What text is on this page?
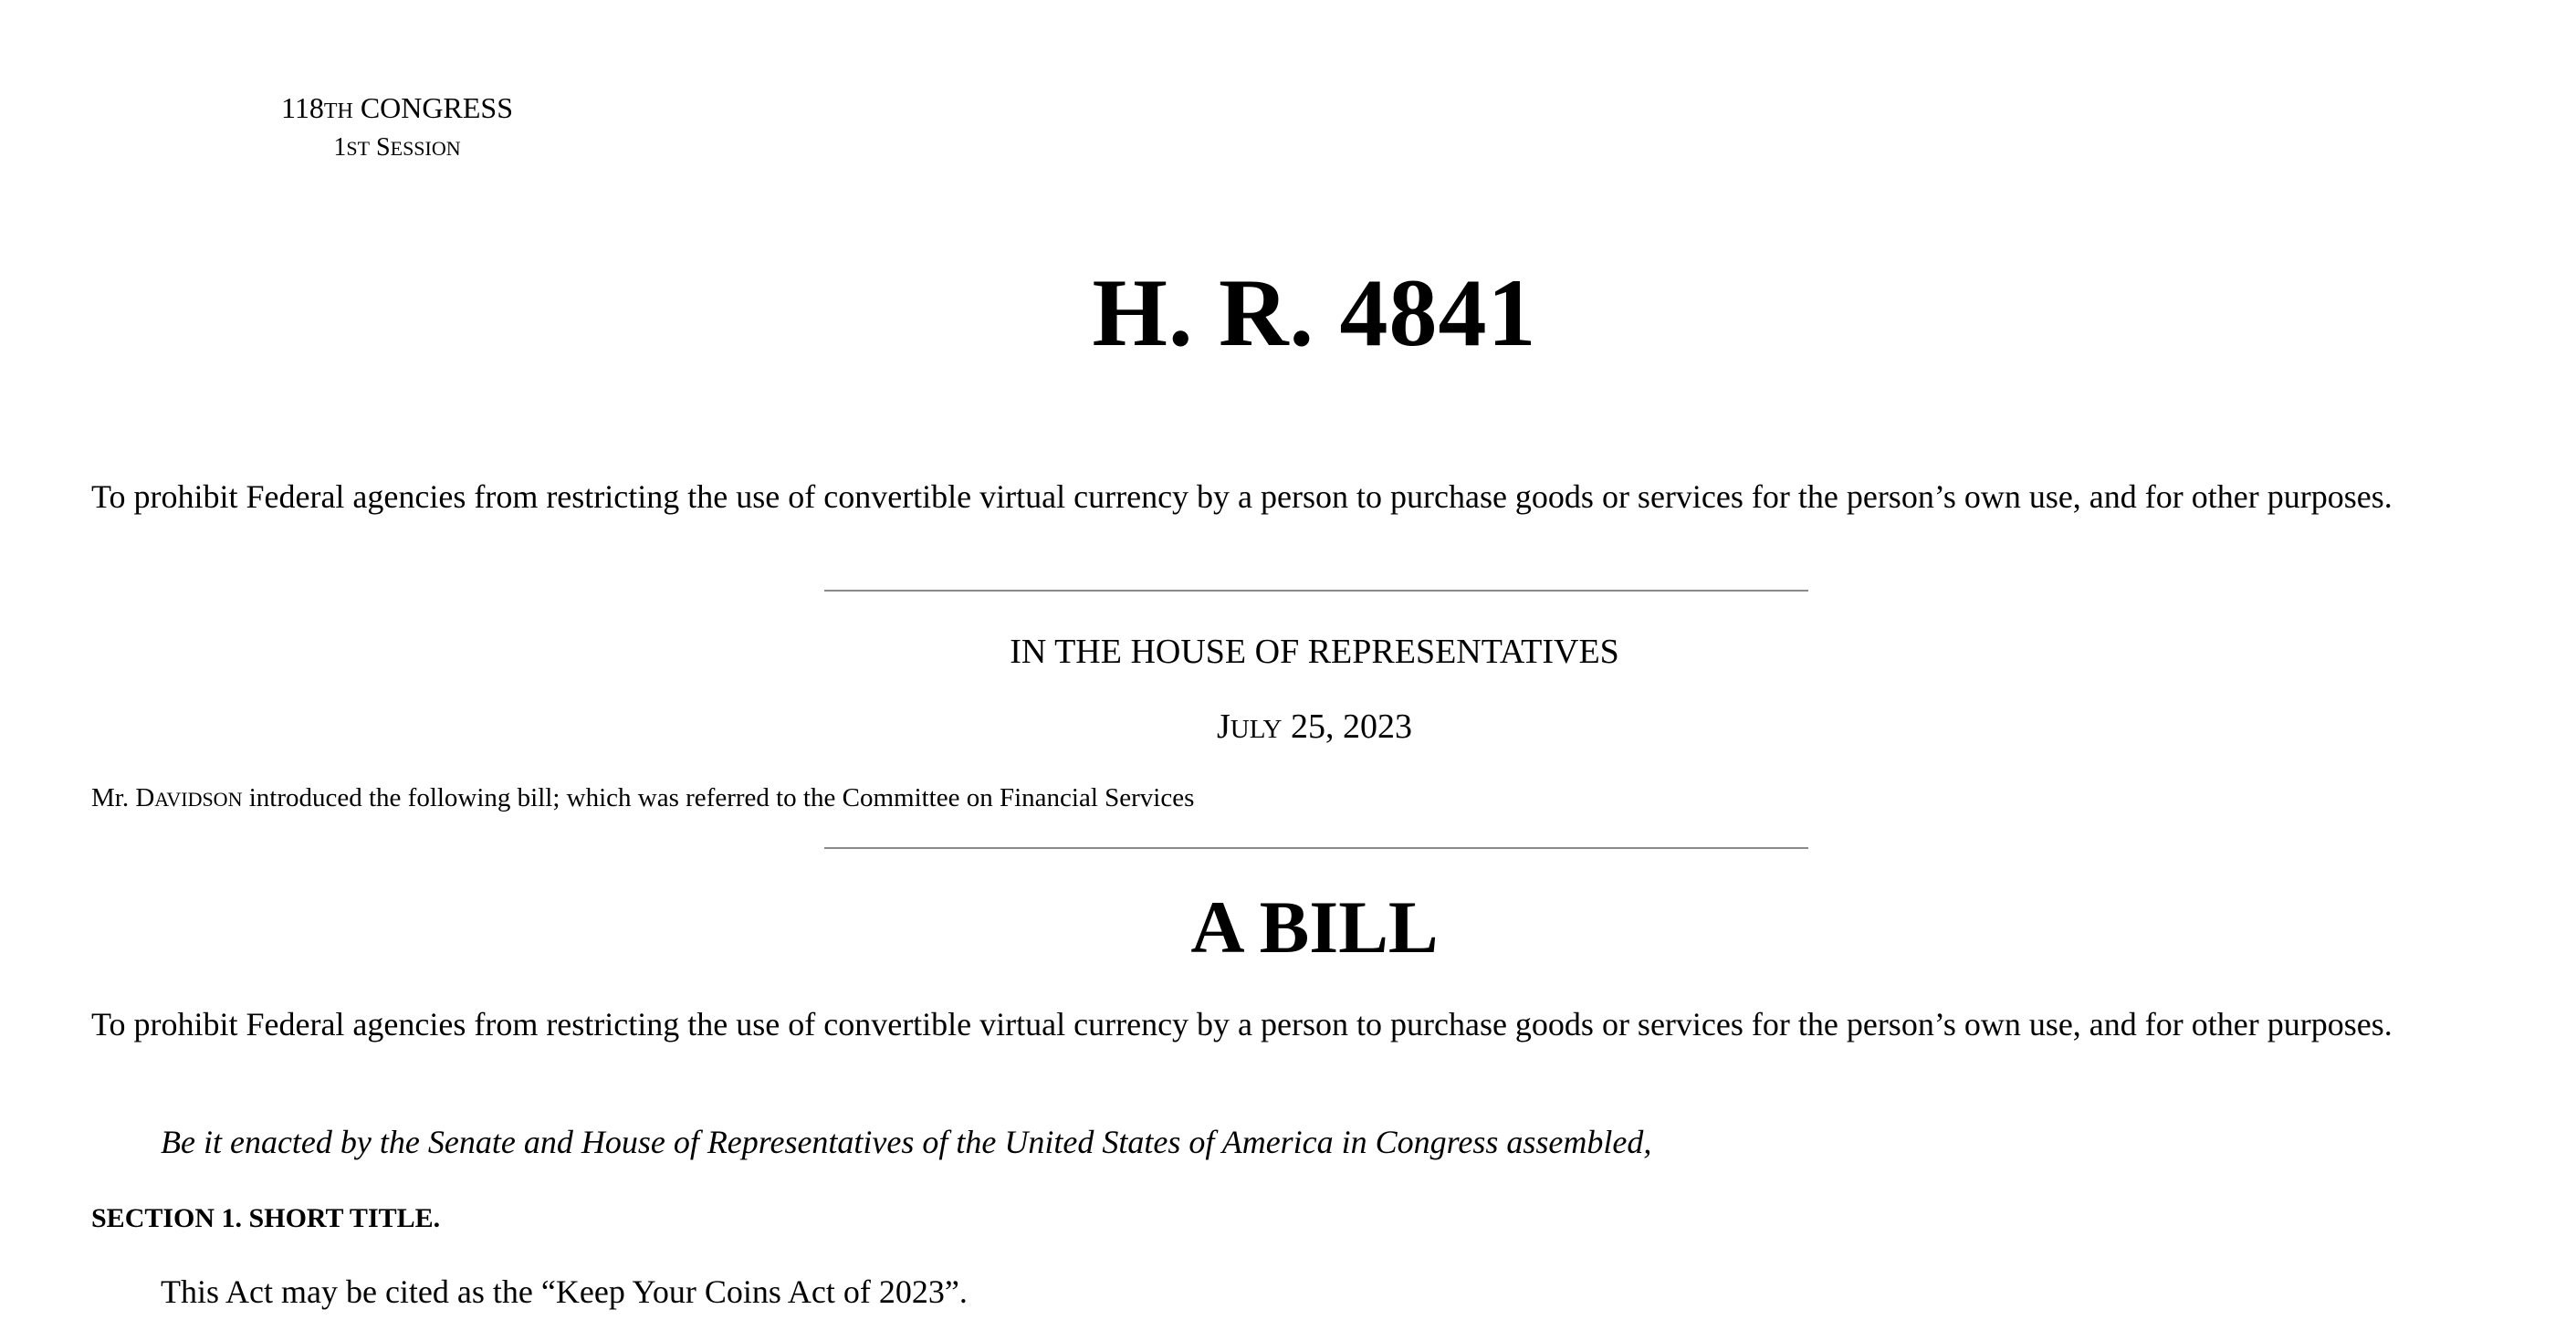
118TH CONGRESS
1ST SESSION
H. R. 4841
To prohibit Federal agencies from restricting the use of convertible virtual currency by a person to purchase goods or services for the person’s own use, and for other purposes.
IN THE HOUSE OF REPRESENTATIVES
JULY 25, 2023
Mr. DAVIDSON introduced the following bill; which was referred to the Committee on Financial Services
A BILL
To prohibit Federal agencies from restricting the use of convertible virtual currency by a person to purchase goods or services for the person’s own use, and for other purposes.
Be it enacted by the Senate and House of Representatives of the United States of America in Congress assembled,
SECTION 1. SHORT TITLE.
This Act may be cited as the “Keep Your Coins Act of 2023”.
